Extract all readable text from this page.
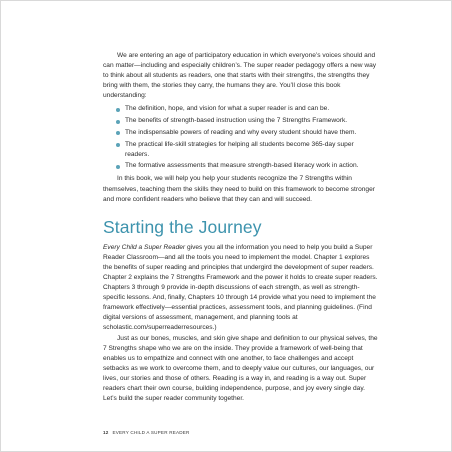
We are entering an age of participatory education in which everyone’s voices should and can matter—including and especially children’s. The super reader pedagogy offers a new way to think about all students as readers, one that starts with their strengths, the strengths they bring with them, the stories they carry, the humans they are. You’ll close this book understanding:

The definition, hope, and vision for what a super reader is and can be.
The benefits of strength-based instruction using the 7 Strengths Framework.
The indispensable powers of reading and why every student should have them.
The practical life-skill strategies for helping all students become 365-day super readers.
The formative assessments that measure strength-based literacy work in action.

In this book, we will help you help your students recognize the 7 Strengths within themselves, teaching them the skills they need to build on this framework to become stronger and more confident readers who believe that they can and will succeed.

Starting the Journey

Every Child a Super Reader gives you all the information you need to help you build a Super Reader Classroom—and all the tools you need to implement the model. Chapter 1 explores the benefits of super reading and principles that undergird the development of super readers. Chapter 2 explains the 7 Strengths Framework and the power it holds to create super readers. Chapters 3 through 9 provide in-depth discussions of each strength, as well as strength-specific lessons. And, finally, Chapters 10 through 14 provide what you need to implement the framework effectively—essential practices, assessment tools, and planning guidelines. (Find digital versions of assessment, management, and planning tools at scholastic.com/superreaderresources.)

Just as our bones, muscles, and skin give shape and definition to our physical selves, the 7 Strengths shape who we are on the inside. They provide a framework of well-being that enables us to empathize and connect with one another, to face challenges and accept setbacks as we work to overcome them, and to deeply value our cultures, our languages, our lives, our stories and those of others. Reading is a way in, and reading is a way out. Super readers chart their own course, building independence, purpose, and joy every single day. Let’s build the super reader community together.

12 EVERY CHILD A SUPER READER
